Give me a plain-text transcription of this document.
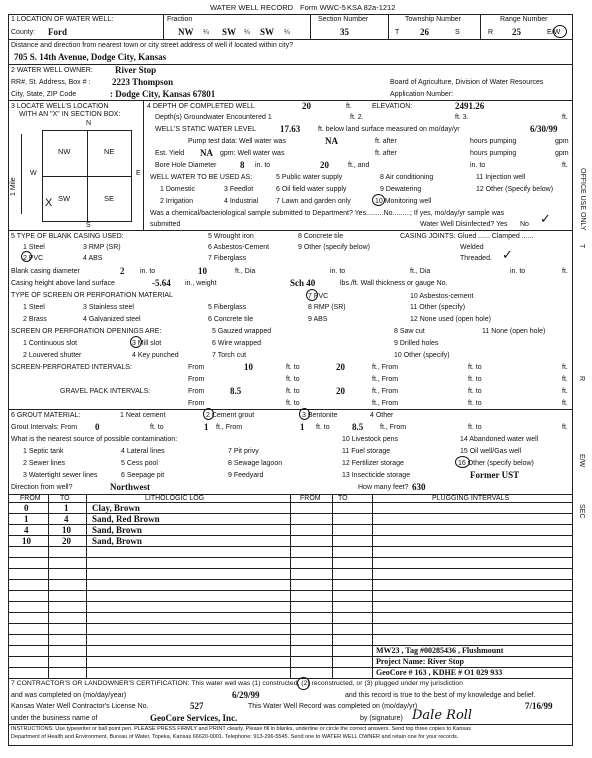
WATER WELL RECORD Form WWC-5 KSA 82a-1212
1 LOCATION OF WATER WELL:
County: Ford
Fraction
NW ¼ SW ¼ SW ¼
Section Number
35
Township Number
T 26	S
Range Number
R 25	E/W
Distance and direction from nearest town or city street address of well if located within city?
705 S. 14th Avenue, Dodge City, Kansas
2 WATER WELL OWNER: River Stop
RR#, St. Address, Box # : 2223 Thompson
City, State, ZIP Code	: Dodge City, Kansas 67801
Board of Agriculture, Division of Water Resources
Application Number:
3 LOCATE WELL'S LOCATION
WITH AN "X" IN SECTION BOX:
N
S
E
W
NW	NE
SW	SE
X
1 Mile
4 DEPTH OF COMPLETED WELL	20	ft.	ELEVATION:	2491.26
Depth(s) Groundwater Encountered 1	ft. 2.	ft. 3.	ft.
WELL'S STATIC WATER LEVEL	17.63	ft. below land surface measured on mo/day/yr	6/30/99
Pump test data: Well water was	NA	ft. after	hours pumping	gpm
Est. Yield NA gpm: Well water was	ft. after	hours pumping	gpm
Bore Hole Diameter	8 in. to	20	ft., and	in. to	ft.
WELL WATER TO BE USED AS:	5 Public water supply	8 Air conditioning	11 Injection well
1 Domestic	3 Feedlot	6 Oil field water supply	9 Dewatering	12 Other (Specify below)
2 Irrigation	4 Industrial	7 Lawn and garden only	10 Monitoring well
Was a chemical/bacteriological sample submitted to Department? Yes.........No.........; If yes, mo/day/yr sample was
submitted	Water Well Disinfected? Yes No ✓
5 TYPE OF BLANK CASING USED:
1 Steel	3 RMP (SR)
2 PVC	4 ABS
5 Wrought iron
6 Asbestos-Cement
7 Fiberglass
8 Concrete tile
9 Other (specify below)
CASING JOINTS: Glued ...... Clamped ......
Welded
Threaded. ✓
Blank casing diameter	2 in. to	10	ft., Dia	in. to	ft., Dia	in. to	ft.
Casing height above land surface	-5.64 in., weight	Sch 40	lbs./ft. Wall thickness or gauge No.
TYPE OF SCREEN OR PERFORATION MATERIAL
1 Steel	3 Stainless steel	5 Fiberglass
7 PVC	10 Asbestos-cement
8 RMP (SR)	11 Other (specify)
2 Brass	4 Galvanized steel	6 Concrete tile	9 ABS	12 None used (open hole)
SCREEN OR PERFORATION OPENINGS ARE:	5 Gauzed wrapped	8 Saw cut	11 None (open hole)
1 Continuous slot	3 Mill slot	6 Wire wrapped	9 Drilled holes
2 Louvered shutter	4 Key punched	7 Torch cut	10 Other (specify)
SCREEN-PERFORATED INTERVALS:	From	10	ft. to	20	ft., From	ft. to	ft.
From	ft. to	ft., From	ft. to	ft.
GRAVEL PACK INTERVALS:	From	8.5	ft. to	20	ft., From	ft. to	ft.
From	ft. to	ft., From	ft. to	ft.
6 GROUT MATERIAL:	1 Neat cement	2 Cement grout	3 Bentonite	4 Other
Grout Intervals: From 0	ft. to	1 ft., From	1 ft. to 8.5 ft., From	ft. to	ft.
What is the nearest source of possible contamination:	10 Livestock pens	14 Abandoned water well
1 Septic tank	4 Lateral lines	7 Pit privy	11 Fuel storage	15 Oil well/Gas well
2 Sewer lines	5 Cess pool	8 Sewage lagoon	12 Fertilizer storage	16 Other (specify below)
3 Watertight sewer lines	6 Seepage pit	9 Feedyard	13 Insecticide storage	Former UST
Direction from well?	Northwest	How many feet? 630
FROM	TO	LITHOLOGIC LOG	FROM TO	PLUGGING INTERVALS
0	1	Clay, Brown
1	4	Sand, Red Brown
4	10 Sand, Brown
10	20 Sand, Brown
MW23 , Tag #00285436 , Flushmount
Project Name: River Stop
GeoCore # 163 , KDHE # O1 029 933
7 CONTRACTOR'S OR LANDOWNER'S CERTIFICATION: This water well was (1) constructed, (2) reconstructed, or (3) plugged under my jurisdiction
and was completed on (mo/day/year)	6/29/99	and this record is true to the best of my knowledge and belief.
Kansas Water Well Contractor's License No.	527	This Water Well Record was completed on (mo/day/yr)	7/16/99
under the business name of	GeoCore Services, Inc.	by (signature) Dale Roll
INSTRUCTIONS: Use typewriter or ball point pen. PLEASE PRESS FIRMLY and PRINT clearly. Please fill in blanks, underline or circle the correct answers. Send top three copies to Kansas
Department of Health and Environment, Bureau of Water, Topeka, Kansas 66620-0001. Telephone: 913-296-5545. Send one to WATER WELL OWNER and retain one for your records.
OFFICE USE ONLY
T
R
E/W
SEC
